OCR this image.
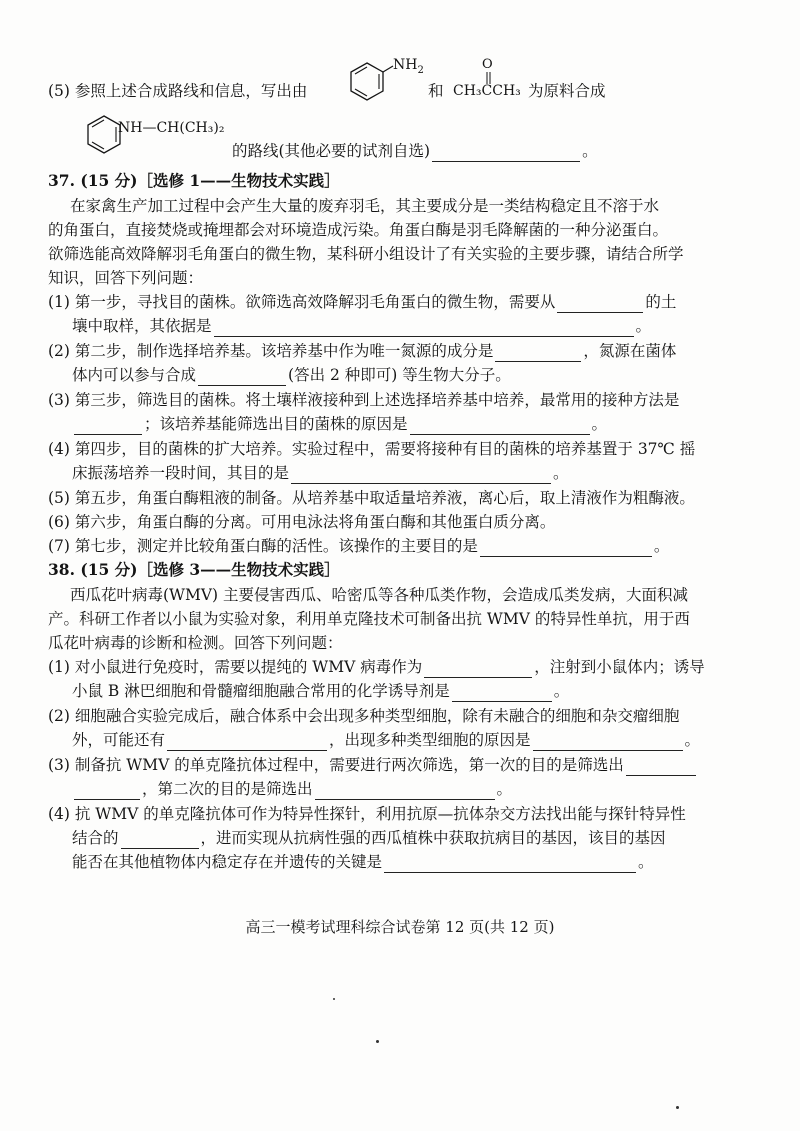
(5) 参照上述合成路线和信息，写出由
$NH_2$
和
O
CH₃CCH₃ 为原料合成
NH—CH(CH₃)₂
的路线(其他必要的试剂自选)	。
37. (15 分)［选修 1——生物技术实践］
在家禽生产加工过程中会产生大量的废弃羽毛，其主要成分是一类结构稳定且不溶于水
的角蛋白，直接焚烧或掩埋都会对环境造成污染。角蛋白酶是羽毛降解菌的一种分泌蛋白。
欲筛选能高效降解羽毛角蛋白的微生物，某科研小组设计了有关实验的主要步骤，请结合所学
知识，回答下列问题：
(1) 第一步，寻找目的菌株。欲筛选高效降解羽毛角蛋白的微生物，需要从	的土
壤中取样，其依据是	。
(2) 第二步，制作选择培养基。该培养基中作为唯一氮源的成分是	，氮源在菌体
体内可以参与合成	(答出 2 种即可) 等生物大分子。
(3) 第三步，筛选目的菌株。将土壤样液接种到上述选择培养基中培养，最常用的接种方法是
；该培养基能筛选出目的菌株的原因是	。
(4) 第四步，目的菌株的扩大培养。实验过程中，需要将接种有目的菌株的培养基置于 37℃ 摇
床振荡培养一段时间，其目的是	。
(5) 第五步，角蛋白酶粗液的制备。从培养基中取适量培养液，离心后，取上清液作为粗酶液。
(6) 第六步，角蛋白酶的分离。可用电泳法将角蛋白酶和其他蛋白质分离。
(7) 第七步，测定并比较角蛋白酶的活性。该操作的主要目的是	。
38. (15 分)［选修 3——生物技术实践］
西瓜花叶病毒(WMV) 主要侵害西瓜、哈密瓜等各种瓜类作物，会造成瓜类发病，大面积减
产。科研工作者以小鼠为实验对象，利用单克隆技术可制备出抗 WMV 的特异性单抗，用于西
瓜花叶病毒的诊断和检测。回答下列问题：
(1) 对小鼠进行免疫时，需要以提纯的 WMV 病毒作为	，注射到小鼠体内；诱导
小鼠 B 淋巴细胞和骨髓瘤细胞融合常用的化学诱导剂是	。
(2) 细胞融合实验完成后，融合体系中会出现多种类型细胞，除有未融合的细胞和杂交瘤细胞
外，可能还有	，出现多种类型细胞的原因是	。
(3) 制备抗 WMV 的单克隆抗体过程中，需要进行两次筛选，第一次的目的是筛选出
，第二次的目的是筛选出	。
(4) 抗 WMV 的单克隆抗体可作为特异性探针，利用抗原—抗体杂交方法找出能与探针特异性
结合的	，进而实现从抗病性强的西瓜植株中获取抗病目的基因，该目的基因
能否在其他植物体内稳定存在并遗传的关键是	。
高三一模考试理科综合试卷第 12 页(共 12 页)
